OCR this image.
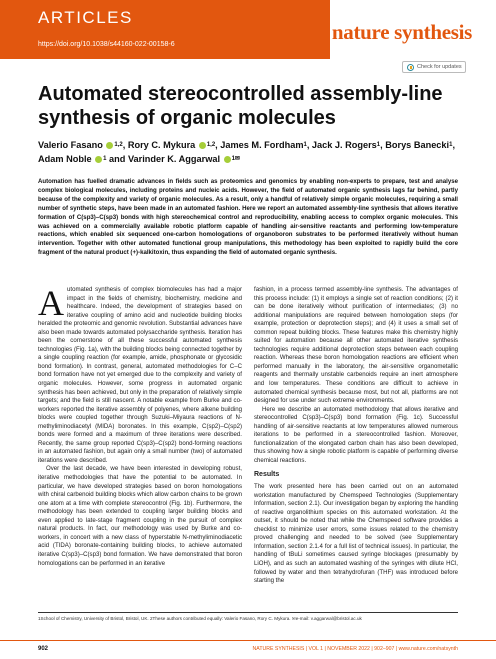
ARTICLES
https://doi.org/10.1038/s44160-022-00158-6
nature synthesis
Check for updates
Automated stereocontrolled assembly-line synthesis of organic molecules
Valerio Fasano $^{1,2}$, Rory C. Mykura $^{1,2}$, James M. Fordham$^1$, Jack J. Rogers$^1$, Borys Banecki$^1$,
Adam Noble $^1$ and Varinder K. Aggarwal $^{1✉}$

Automation has fuelled dramatic advances in fields such as proteomics and genomics by enabling non-experts to prepare, test and analyse complex biological molecules, including proteins and nucleic acids. However, the field of automated organic synthesis lags far behind, partly because of the complexity and variety of organic molecules. As a result, only a handful of relatively simple organic molecules, requiring a small number of synthetic steps, have been made in an automated fashion. Here we report an automated assembly-line synthesis that allows iterative formation of C(sp3)–C(sp3) bonds with high stereochemical control and reproducibility, enabling access to complex organic molecules. This was achieved on a commercially available robotic platform capable of handling air-sensitive reactants and performing low-temperature reactions, which enabled six sequenced one-carbon homologations of organoboron substrates to be performed iteratively without human intervention. Together with other automated functional group manipulations, this methodology has been exploited to rapidly build the core fragment of the natural product (+)-kalkitoxin, thus expanding the field of automated organic synthesis.

Automated synthesis of complex biomolecules has had a major impact in the fields of chemistry, biochemistry, medicine and healthcare. Indeed, the development of strategies based on iterative coupling of amino acid and nucleotide building blocks heralded the proteomic and genomic revolution. Substantial advances have also been made towards automated polysaccharide synthesis. Iteration has been the cornerstone of all these successful automated synthesis technologies (Fig. 1a), with the building blocks being connected together by a single coupling reaction (for example, amide, phosphonate or glycosidic bond formation). In contrast, general, automated methodologies for C–C bond formation have not yet emerged due to the complexity and variety of organic molecules. However, some progress in automated organic synthesis has been achieved, but only in the preparation of relatively simple targets; and the field is still nascent. A notable example from Burke and co-workers reported the iterative assembly of polyenes, where alkene building blocks were coupled together through Suzuki–Miyaura reactions of N-methyliminodiacetyl (MIDA) boronates. In this example, C(sp2)–C(sp2) bonds were formed and a maximum of three iterations were described. Recently, the same group reported C(sp3)–C(sp2) bond-forming reactions in an automated fashion, but again only a small number (two) of automated iterations were described.

Over the last decade, we have been interested in developing robust, iterative methodologies that have the potential to be automated. In particular, we have developed strategies based on boron homologations with chiral carbenoid building blocks which allow carbon chains to be grown one atom at a time with complete stereocontrol (Fig. 1b). Furthermore, the methodology has been extended to coupling larger building blocks and even applied to late-stage fragment coupling in the pursuit of complex natural products. In fact, our methodology was used by Burke and co-workers, in concert with a new class of hyperstable N-methyliminodiacetic acid (TIDA) boronate-containing building blocks, to achieve automated iterative C(sp3)–C(sp3) bond formation. We have demonstrated that boron homologations can be performed in an iterative

fashion, in a process termed assembly-line synthesis. The advantages of this process include: (1) it employs a single set of reaction conditions; (2) it can be done iteratively without purification of intermediates; (3) no additional manipulations are required between homologation steps (for example, protection or deprotection steps); and (4) it uses a small set of common repeat building blocks. These features make this chemistry highly suited for automation because all other automated iterative synthesis technologies require additional deprotection steps between each coupling reaction. Whereas these boron homologation reactions are efficient when performed manually in the laboratory, the air-sensitive organometallic reagents and thermally unstable carbenoids require an inert atmosphere and low temperatures. These conditions are difficult to achieve in automated chemical synthesis because most, but not all, platforms are not designed for use under such extreme environments.

Here we describe an automated methodology that allows iterative and stereocontrolled C(sp3)–C(sp3) bond formation (Fig. 1c). Successful handling of air-sensitive reactants at low temperatures allowed numerous iterations to be performed in a stereocontrolled fashion. Moreover, functionalization of the elongated carbon chain has also been developed, thus showing how a single robotic platform is capable of performing diverse chemical reactions.

Results

The work presented here has been carried out on an automated workstation manufactured by Chemspeed Technologies (Supplementary Information, section 2.1). Our investigation began by exploring the handling of reactive organolithium species on this automated workstation. At the outset, it should be noted that while the Chemspeed software provides a checklist to minimize user errors, some issues related to the chemistry proved challenging and needed to be solved (see Supplementary Information, section 2.1.4 for a full list of technical issues). In particular, the handling of tBuLi sometimes caused syringe blockages (presumably by LiOH), and as such an automated washing of the syringes with dilute HCl, followed by water and then tetrahydrofuran (THF) was introduced before starting the

1School of Chemistry, University of Bristol, Bristol, UK. 2These authors contributed equally: Valerio Fasano, Rory C. Mykura. ✉e-mail: v.aggarwal@bristol.ac.uk
902	NATURE SYNTHESIS | VOL 1 | NOVEMBER 2022 | 902–907 | www.nature.com/natsynth
